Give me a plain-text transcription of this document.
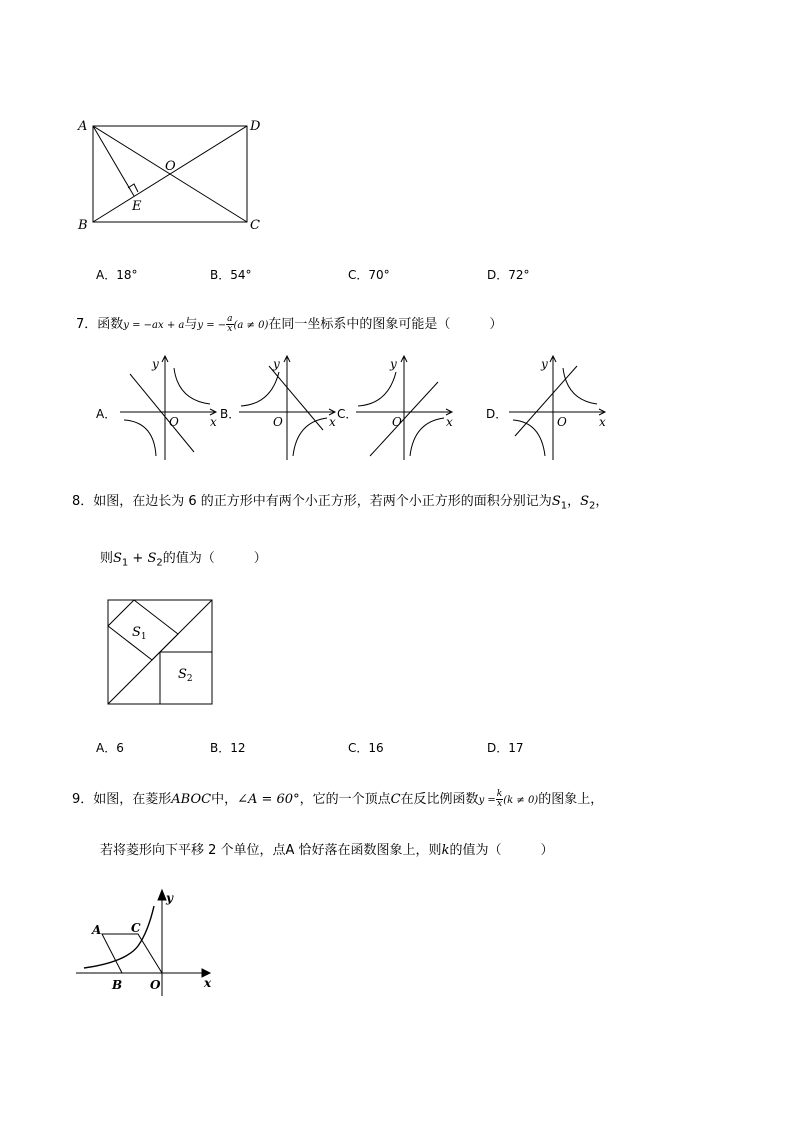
A	D
O
E
B	C
A．18°	B．54°	C．70°	D．72°
7．函数y = −ax + a与y = − $\frac{a}{x} (a \ne 0)$在同一坐标系中的图象可能是（　　　）
A．	B．	C．	D．
y
O	x
y
O	x
y
O	x
y
O	x
8．如图，在边长为 6 的正方形中有两个小正方形，若两个小正方形的面积分别记为$S_1$，$S_2$，
则$S_1 + S_2$的值为（　　　）
$S_1$
$S_2$
A．6	B．12	C．16	D．17
9．如图，在菱形ABOC中，∠A = 60°，它的一个顶点C在反比例函数$y = \frac{k}{x} (k \ne 0)$的图象上，
若将菱形向下平移 2 个单位，点A 恰好落在函数图象上，则k的值为（　　　）
A C
B O	x
y
